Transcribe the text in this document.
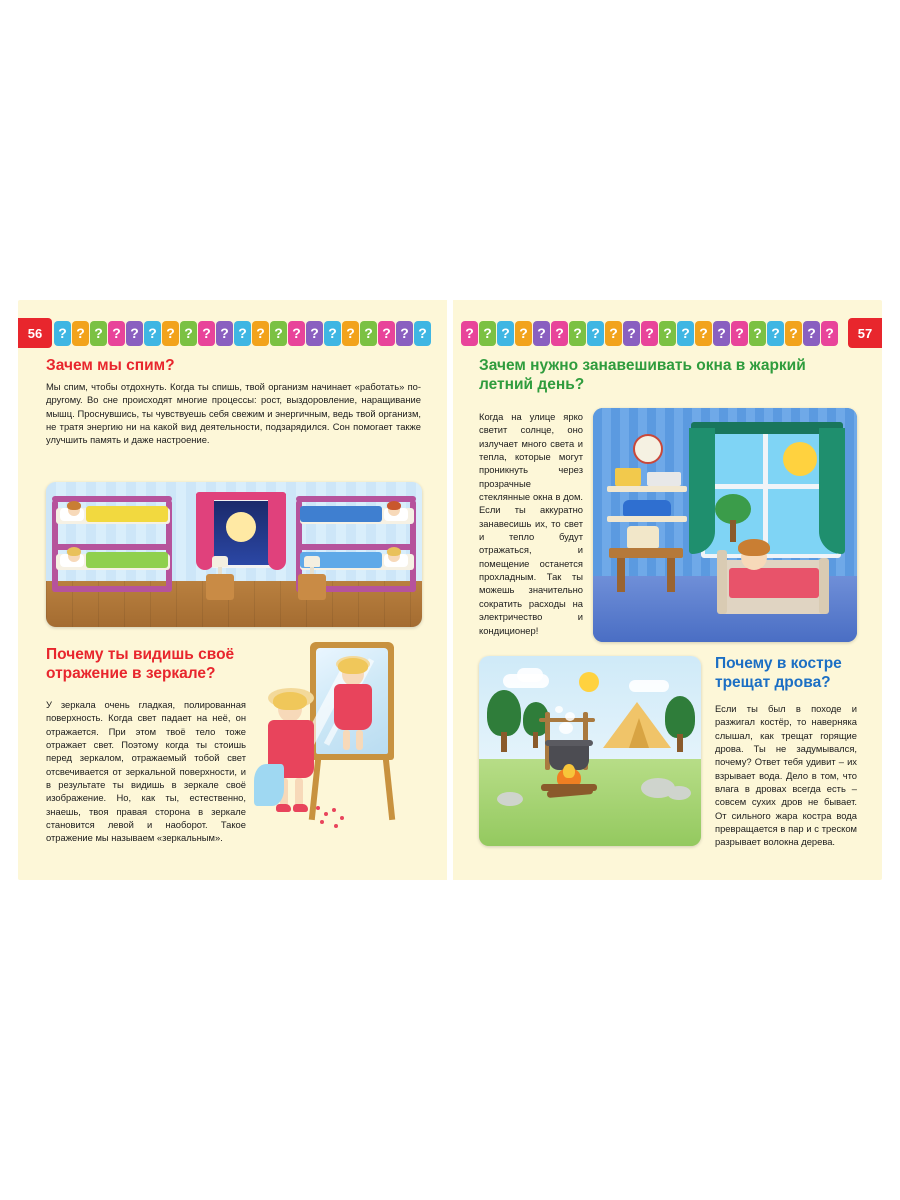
56	? ? ? ? ? ? ? ? ? ? ? ? ? ? ? ? ? ? ? ? ?
Зачем мы спим?

Мы спим, чтобы отдохнуть. Когда ты спишь, твой организм начинает «работать» по-другому. Во сне происходят многие процессы: рост, выздоровление, наращивание мышц. Проснувшись, ты чувствуешь себя свежим и энергичным, ведь твой организм, не тратя энергию ни на какой вид деятельности, подзарядился. Сон помогает также улучшить память и даже настроение.

Почему ты видишь своё отражение в зеркале?

У зеркала очень гладкая, полированная поверхность. Когда свет падает на неё, он отражается. При этом твоё тело тоже отражает свет. Поэтому когда ты стоишь перед зеркалом, отражаемый тобой свет отсвечивается от зеркальной поверхности, и в результате ты видишь в зеркале своё изображение. Но, как ты, естественно, знаешь, твоя правая сторона в зеркале становится левой и наоборот. Такое отражение мы называем «зеркальным».

57
? ? ? ? ? ? ? ? ? ? ? ? ? ? ? ? ? ? ? ? ?
Зачем нужно занавешивать окна в жаркий летний день?

Когда на улице ярко светит солнце, оно излучает много света и тепла, которые могут проникнуть через прозрачные стеклянные окна в дом. Если ты аккуратно занавесишь их, то свет и тепло будут отражаться, и помещение останется прохладным. Так ты можешь значительно сократить расходы на электричество и кондиционер!

Почему в костре трещат дрова?

Если ты был в походе и разжигал костёр, то наверняка слышал, как трещат горящие дрова. Ты не задумывался, почему? Ответ тебя удивит – их взрывает вода. Дело в том, что влага в дровах всегда есть – совсем сухих дров не бывает. От сильного жара костра вода превращается в пар и с треском разрывает волокна дерева.
